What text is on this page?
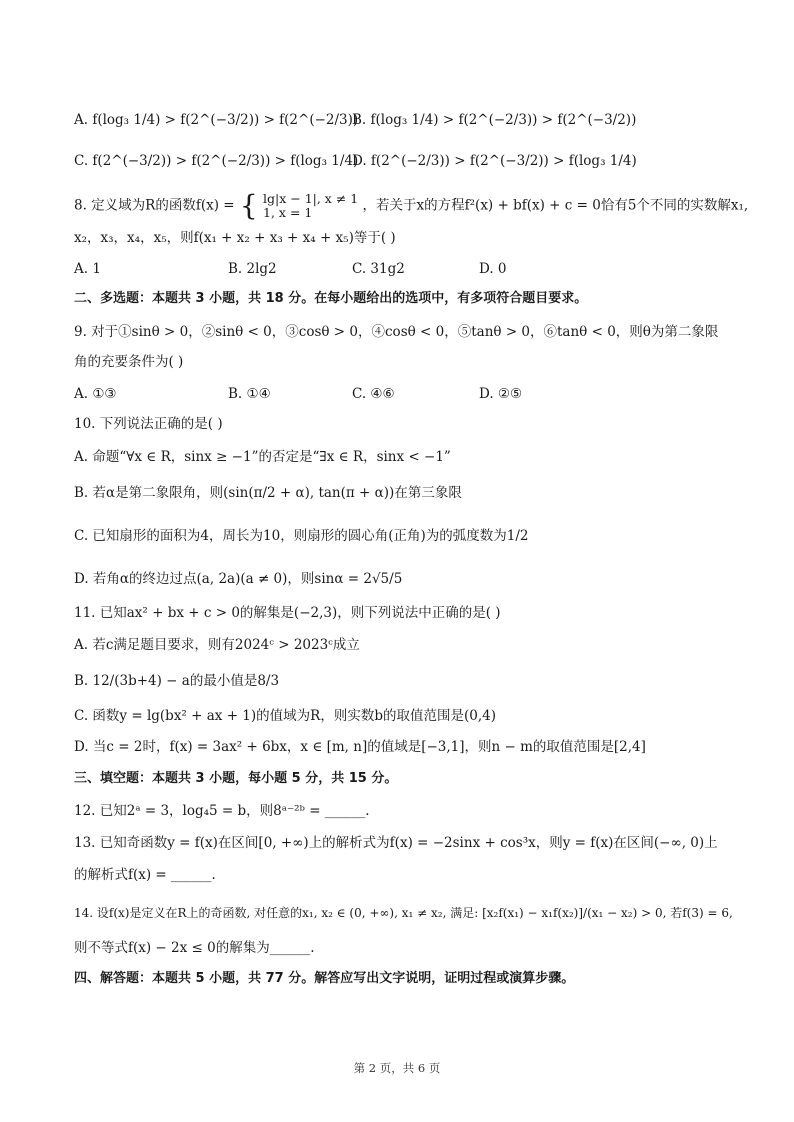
A. f(log₃ 1/4) > f(2^(−3/2)) > f(2^(−2/3))
B. f(log₃ 1/4) > f(2^(−2/3)) > f(2^(−3/2))
C. f(2^(−3/2)) > f(2^(−2/3)) > f(log₃ 1/4)
D. f(2^(−2/3)) > f(2^(−3/2)) > f(log₃ 1/4)
8. 定义域为R的函数f(x) = { lg|x − 1|, x ≠ 1
1, x = 1	，若关于x的方程f²(x) + bf(x) + c = 0恰有5个不同的实数解x₁,
x₂，x₃，x₄，x₅，则f(x₁ + x₂ + x₃ + x₄ + x₅)等于( )
A. 1	B. 2lg2	C. 31g2	D. 0
二、多选题：本题共 3 小题，共 18 分。在每小题给出的选项中，有多项符合题目要求。
9. 对于①sinθ > 0，②sinθ < 0，③cosθ > 0，④cosθ < 0，⑤tanθ > 0，⑥tanθ < 0，则θ为第二象限
角的充要条件为( )
A. ①③	B. ①④	C. ④⑥	D. ②⑤
10. 下列说法正确的是( )
A. 命题“∀x ∈ R，sinx ≥ −1”的否定是“∃x ∈ R，sinx < −1”
B. 若α是第二象限角，则(sin(π/2 + α), tan(π + α))在第三象限
C. 已知扇形的面积为4，周长为10，则扇形的圆心角(正角)为的弧度数为1/2
D. 若角α的终边过点(a, 2a)(a ≠ 0)，则sinα = 2√5/5
11. 已知ax² + bx + c > 0的解集是(−2,3)，则下列说法中正确的是( )
A. 若c满足题目要求，则有2024ᶜ > 2023ᶜ成立
B. 12/(3b+4) − a的最小值是8/3
C. 函数y = lg(bx² + ax + 1)的值域为R，则实数b的取值范围是(0,4)
D. 当c = 2时，f(x) = 3ax² + 6bx，x ∈ [m, n]的值域是[−3,1]，则n − m的取值范围是[2,4]
三、填空题：本题共 3 小题，每小题 5 分，共 15 分。
12. 已知2ᵃ = 3，log₄5 = b，则8ᵃ⁻²ᵇ = ______.
13. 已知奇函数y = f(x)在区间[0, +∞)上的解析式为f(x) = −2sinx + cos³x，则y = f(x)在区间(−∞, 0)上
的解析式f(x) = ______.
14. 设f(x)是定义在R上的奇函数, 对任意的x₁, x₂ ∈ (0, +∞), x₁ ≠ x₂, 满足: [x₂f(x₁) − x₁f(x₂)]/(x₁ − x₂) > 0, 若f(3) = 6,
则不等式f(x) − 2x ≤ 0的解集为______.
四、解答题：本题共 5 小题，共 77 分。解答应写出文字说明，证明过程或演算步骤。
第 2 页，共 6 页
